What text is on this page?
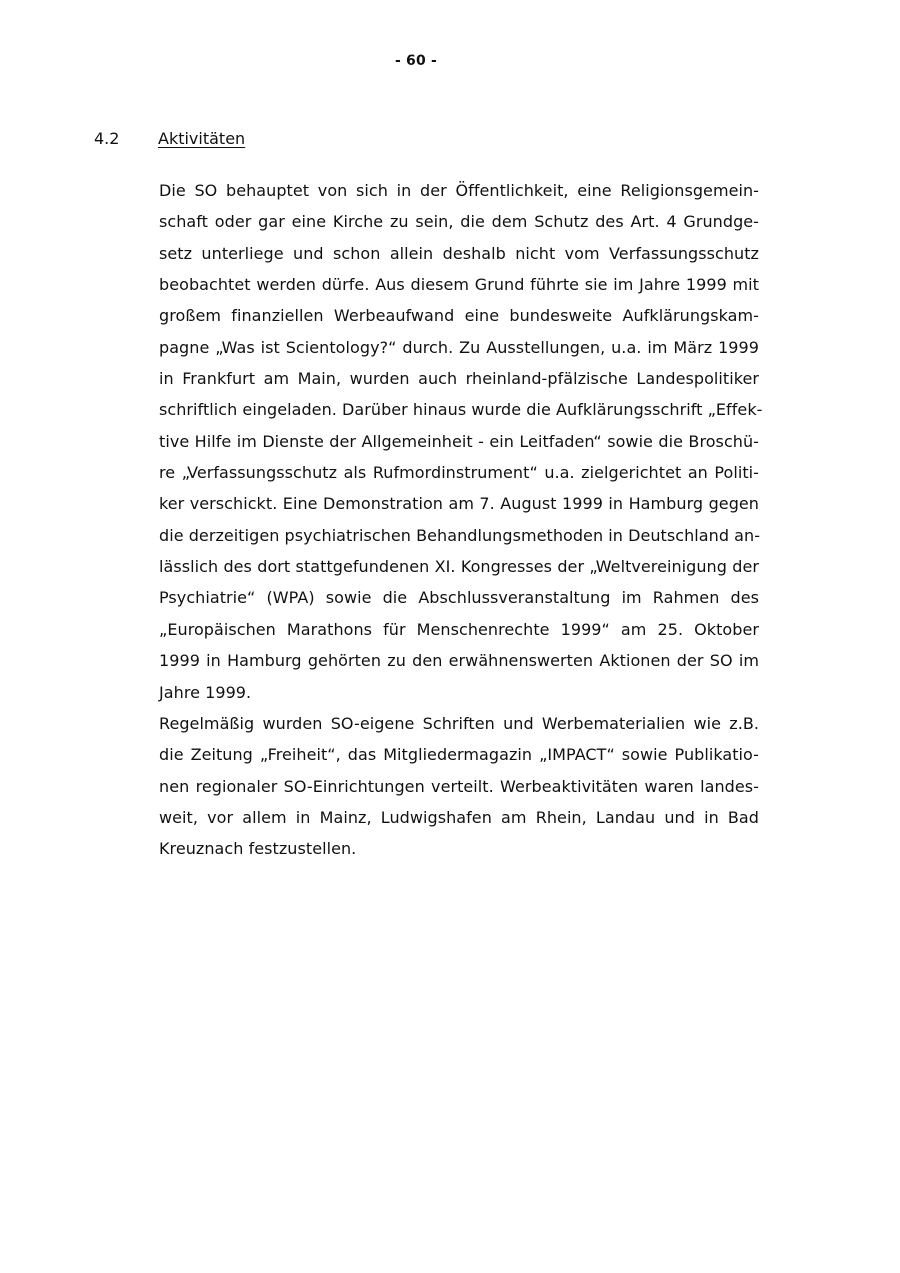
- 60 -
4.2 Aktivitäten
Die SO behauptet von sich in der Öffentlichkeit, eine Religionsgemein-
schaft oder gar eine Kirche zu sein, die dem Schutz des Art. 4 Grundge-
setz unterliege und schon allein deshalb nicht vom Verfassungsschutz
beobachtet werden dürfe. Aus diesem Grund führte sie im Jahre 1999 mit
großem finanziellen Werbeaufwand eine bundesweite Aufklärungskam-
pagne „Was ist Scientology?“ durch. Zu Ausstellungen, u.a. im März 1999
in Frankfurt am Main, wurden auch rheinland-pfälzische Landespolitiker
schriftlich eingeladen. Darüber hinaus wurde die Aufklärungsschrift „Effek-
tive Hilfe im Dienste der Allgemeinheit - ein Leitfaden“ sowie die Broschü-
re „Verfassungsschutz als Rufmordinstrument“ u.a. zielgerichtet an Politi-
ker verschickt. Eine Demonstration am 7. August 1999 in Hamburg gegen
die derzeitigen psychiatrischen Behandlungsmethoden in Deutschland an-
lässlich des dort stattgefundenen XI. Kongresses der „Weltvereinigung der
Psychiatrie“ (WPA) sowie die Abschlussveranstaltung im Rahmen des
„Europäischen Marathons für Menschenrechte 1999“ am 25. Oktober
1999 in Hamburg gehörten zu den erwähnenswerten Aktionen der SO im
Jahre 1999.
Regelmäßig wurden SO-eigene Schriften und Werbematerialien wie z.B.
die Zeitung „Freiheit“, das Mitgliedermagazin „IMPACT“ sowie Publikatio-
nen regionaler SO-Einrichtungen verteilt. Werbeaktivitäten waren landes-
weit, vor allem in Mainz, Ludwigshafen am Rhein, Landau und in Bad
Kreuznach festzustellen.
